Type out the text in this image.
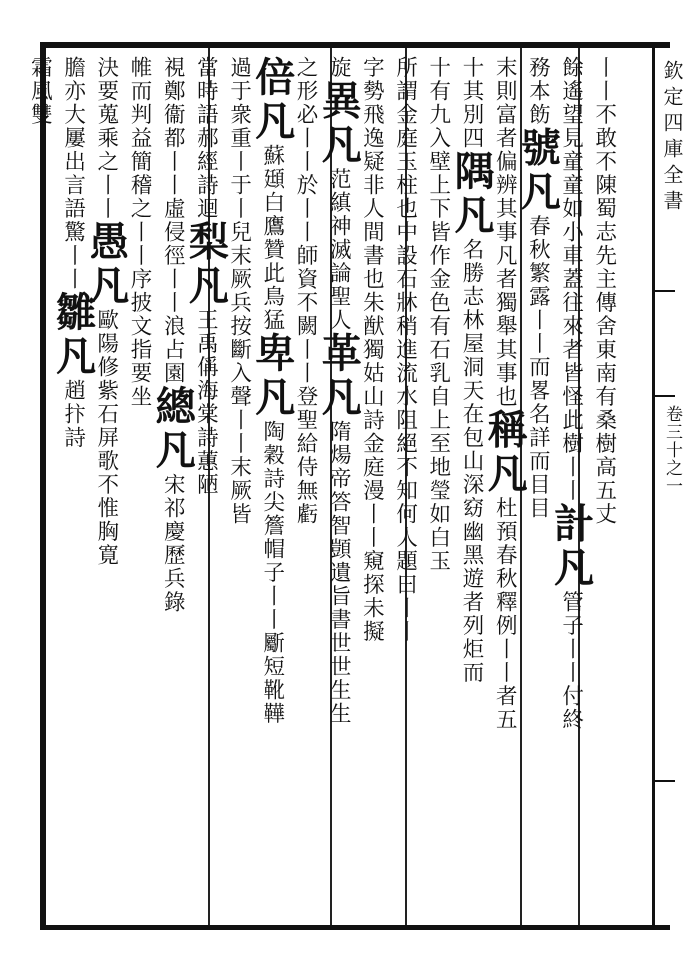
欽定四庫全書
卷三十之一
丨丨不敢不陳蜀志先主傳舍東南有桑樹高五丈
餘遙望見童童如小車蓋往來者皆怪此樹丨丨計凡管子丨丨付終
務本飭號凡春秋繁露丨丨而畧名詳而目目
末則富者偏辨其事凡者獨舉其事也稱凡杜預春秋釋例丨丨者五
十其別四隅凡名勝志林屋洞天在包山深窈幽黑遊者列炬而
十有九入壁上下皆作金色有石乳自上至地瑩如白玉
所謂金庭玉柱也中設石牀稍進流水阻絕不知何人題曰丨丨
字勢飛逸疑非人間書也朱猷獨姑山詩金庭漫丨丨窺探未擬
旋異凡范縝神滅論聖人革凡隋煬帝答智顗遺旨書世世生生
之形必丨丨於丨丨師資不闕丨丨登聖給侍無虧
倍凡蘇頲白鷹贊此鳥猛卑凡陶穀詩尖簷帽子丨丨斸短靴鞾
過于衆重丨于丨兒末厥兵按斷入聲丨丨末厥皆
當時語郝經詩迴梨凡王禹偁海棠詩蕙陋
視鄭衞都丨丨虛侵徑丨丨浪占園總凡宋祁慶歷兵錄
帷而判益簡稽之丨丨序披文指要坐
決要蒐乘之丨丨愚凡歐陽修紫石屏歌不惟胸寛
膽亦大屢出言語驚丨丨雛凡趙抃詩
霜風雙
